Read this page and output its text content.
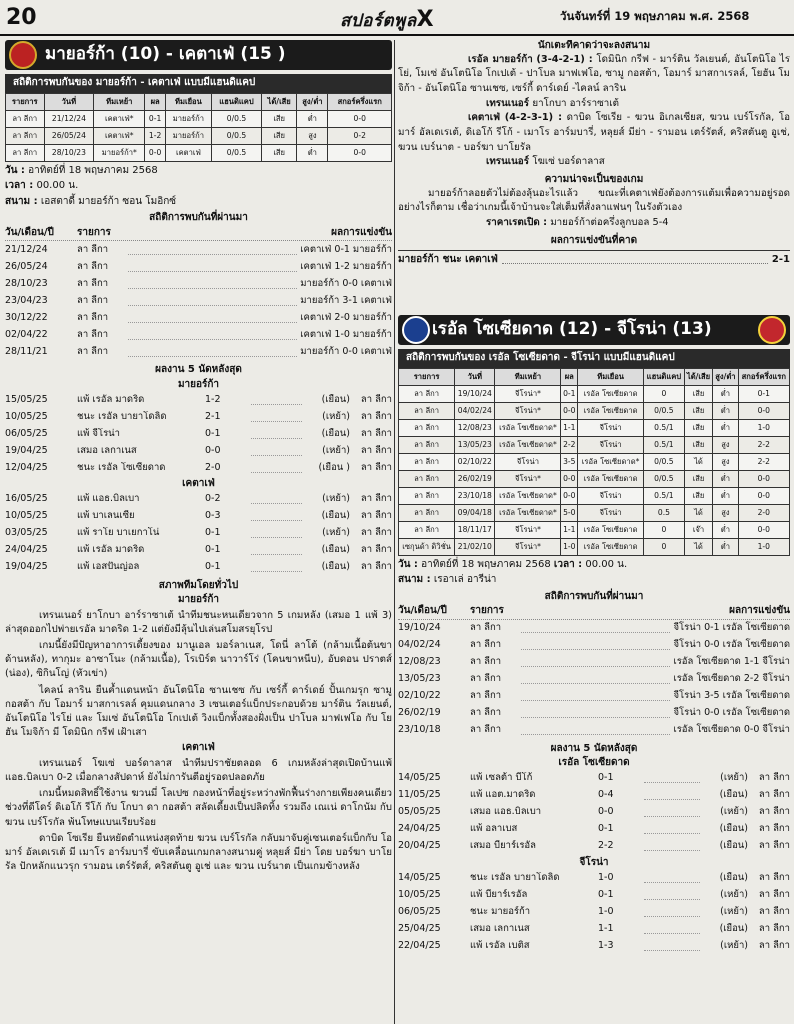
20	สปอร์ตพูลX	วันจันทร์ที่ 19 พฤษภาคม พ.ศ. 2568
มายอร์ก้า (10) - เคตาเฟ่ (15 )
สถิติการพบกันของ มายอร์ก้า - เคตาเฟ่ แบบมีแฮนดิแคป
รายการ	วันที่	ทีมเหย้า	ผล	ทีมเยือน	แฮนดิแคป	ได้/เสีย	สูง/ต่ำ	สกอร์ครึ่งแรก
ลา ลีกา	21/12/24	เคตาเฟ่*	0-1	มายอร์ก้า	0/0.5	เสีย	ต่ำ	0-0
ลา ลีกา	26/05/24	เคตาเฟ่*	1-2	มายอร์ก้า	0/0.5	เสีย	สูง	0-2
ลา ลีกา	28/10/23	มายอร์ก้า*	0-0	เคตาเฟ่	0/0.5	เสีย	ต่ำ	0-0
วัน : อาทิตย์ที่ 18 พฤษภาคม 2568
เวลา : 00.00 น.
สนาม : เอสตาดี้ มายอร์ก้า ซอน โมอิกซ์
สถิติการพบกันที่ผ่านมา
วัน/เดือน/ปี	รายการ	ผลการแข่งขัน
21/12/24	ลา ลีกา	เคตาเฟ่ 0-1 มายอร์ก้า
26/05/24	ลา ลีกา	เคตาเฟ่ 1-2 มายอร์ก้า
28/10/23	ลา ลีกา	มายอร์ก้า 0-0 เคตาเฟ่
23/04/23	ลา ลีกา	มายอร์ก้า 3-1 เคตาเฟ่
30/12/22	ลา ลีกา	เคตาเฟ่ 2-0 มายอร์ก้า
02/04/22	ลา ลีกา	เคตาเฟ่ 1-0 มายอร์ก้า
28/11/21	ลา ลีกา	มายอร์ก้า 0-0 เคตาเฟ่
ผลงาน 5 นัดหลังสุด
มายอร์ก้า
15/05/25	แพ้ เรอัล มาดริด	1-2	(เยือน)	ลา ลีกา
10/05/25	ชนะ เรอัล บายาโดลิด	2-1	(เหย้า)	ลา ลีกา
06/05/25	แพ้ จีโรน่า	0-1	(เยือน)	ลา ลีกา
19/04/25	เสมอ เลกาเนส	0-0	(เหย้า)	ลา ลีกา
12/04/25	ชนะ เรอัล โซเซียดาด	2-0	(เยือน )	ลา ลีกา
เคตาเฟ่
16/05/25	แพ้ แอธ.บิลเบา	0-2	(เหย้า)	ลา ลีกา
10/05/25	แพ้ บาเลนเซีย	0-3	(เยือน)	ลา ลีกา
03/05/25	แพ้ ราโย บาเยกาโน่	0-1	(เหย้า)	ลา ลีกา
24/04/25	แพ้ เรอัล มาดริด	0-1	(เยือน)	ลา ลีกา
19/04/25	แพ้ เอสปันญ่อล	0-1	(เยือน)	ลา ลีกา
สภาพทีมโดยทั่วไป
มายอร์ก้า

เทรนเนอร์ ยาโกบา อาร์ราซาเต้ นำทีมชนะหนเดียวจาก 5 เกมหลัง (เสมอ 1 แพ้ 3) ล่าสุดออกไปพ่ายเรอัล มาดริด 1-2 แต่ยังมีลุ้นไปเล่นสโมสรยุโรป

เกมนี้ยังมีปัญหาอาการเดี้ยงของ มานูเอล มอร์ลาเนส, โดนี่ ลาโต้ (กล้ามเนื้อต้นขาด้านหลัง), ทากุมะ อาซาโนะ (กล้ามเนื้อ), โรเบิร์ต นาวาร์โร่ (โคนขาหนีบ), อับดอน ปราตส์ (น่อง), ซิกินโญ่ (หัวเข่า)

ไคลน์ ลาริน ยืนค้ำแดนหน้า อันโตนิโอ ซานเชซ กับ เซร์กี้ ดาร์เดย์ ปั้นเกมรุก ซามู กอสต้า กับ โอมาร์ มาสกาเรลล์ คุมแดนกลาง 3 เซนเตอร์แบ็กประกอบด้วย มาร์ติน วัลเยนต์, อันโตนิโอ ไรโย่ และ โมเซ่ อันโตนิโอ โกเปเต้ วิงแบ็กทั้งสองฝั่งเป็น ปาโบล มาฟเฟโอ กับ โยฮัน โมจิก้า มี โดมินิก กรีฟ เฝ้าเสา

เคตาเฟ่

เทรนเนอร์ โฆเซ่ บอร์ดาลาส นำทีมปราชัยตลอด 6 เกมหลังล่าสุดเปิดบ้านแพ้ แอธ.บิลเบา 0-2 เมื่อกลางสัปดาห์ ยังไม่การันตีอยู่รอดปลอดภัย

เกมนี้หมดสิทธิ์ใช้งาน ฆวนมี่ โลเปซ กองหน้าที่อยู่ระหว่างพักฟื้นร่างกายเพียงคนเดียว ช่วงที่ดีโดร์ ดิเอโก้ รีโก้ กับ โกบา ดา กอสต้า สลัดเดี้ยงเป็นปลิดทิ้ง รวมถึง เณเน่ ดาโกนัม กับ ฆวน เบร์โรกัล พ้นโทษแบนเรียบร้อย

ดาบิด โซเรีย ยืนหยัดตำแหน่งสุดท้าย ฆวน เบร์โรกัล กลับมาจับคู่เซนเตอร์แบ็กกับ โอมาร์ อัลเดเรเต้ มี เมาโร อาร์มบารี่ ขับเคลื่อนเกมกลางสนามคู่ หลุยส์ มีย่า โดย บอร์ฆา บาโยรัล ปักหลักแนวรุก รามอน เตร์รัตส์, คริสตันตู อูเช่ และ ฆวน เบร์นาต เป็นเกมข้างหลัง

นักเตะที่คาดว่าจะลงสนาม

เรอัล มายอร์ก้า (3-4-2-1) : โดมินิก กรีฟ - มาร์ติน วัลเยนต์, อันโตนิโอ ไรโย่, โมเซ่ อันโตนิโอ โกเปเต้ - ปาโบล มาฟเฟโอ, ซามู กอสต้า, โอมาร์ มาสกาเรลล์, โยฮัน โมจิก้า - อันโตนิโอ ซานเชซ, เซร์กี้ ดาร์เดย์ -ไคลน์ ลาริน

เทรนเนอร์ ยาโกบา อาร์ราซาเต้

เคตาเฟ่ (4-2-3-1) : ดาบิด โซเรีย - ฆวน อิเกลเซียส, ฆวน เบร์โรกัล, โอมาร์ อัลเดเรเต้, ดิเอโก้ รีโก้ - เมาโร อาร์มบารี่, หลุยส์ มีย่า - รามอน เตร์รัตส์, คริสตันตู อูเช่, ฆวน เบร์นาต - บอร์ฆา บาโยรัล

เทรนเนอร์ โฆเซ่ บอร์ดาลาส

ความน่าจะเป็นของเกม

มายอร์ก้าลอยตัวไม่ต้องลุ้นอะไรแล้ว ขณะที่เคตาเฟ่ยังต้องการแต้มเพื่อความอยู่รอด อย่างไรก็ตาม เชื่อว่าเกมนี้เจ้าบ้านจะใส่เต็มที่สั่งลาแฟนๆ ในรังตัวเอง

ราคาเรตเปิด : มายอร์ก้าต่อครึ่งลูกบอล 5-4

ผลการแข่งขันที่คาด
มายอร์ก้า ชนะ เคตาเฟ่	2-1
เรอัล โซเซียดาด (12) - จีโรน่า (13)
สถิติการพบกันของ เรอัล โซเซียดาด - จีโรน่า แบบมีแฮนดิแคป
รายการ	วันที่	ทีมเหย้า	ผล	ทีมเยือน	แฮนดิแคป	ได้/เสีย	สูง/ต่ำ	สกอร์ครึ่งแรก
ลา ลีกา	19/10/24	จีโรน่า*	0-1	เรอัล โซเซียดาด	0	เสีย	ต่ำ	0-1
ลา ลีกา	04/02/24	จีโรน่า*	0-0	เรอัล โซเซียดาด	0/0.5	เสีย	ต่ำ	0-0
ลา ลีกา	12/08/23	เรอัล โซเซียดาด*	1-1	จีโรน่า	0.5/1	เสีย	ต่ำ	1-0
ลา ลีกา	13/05/23	เรอัล โซเซียดาด*	2-2	จีโรน่า	0.5/1	เสีย	สูง	2-2
ลา ลีกา	02/10/22	จีโรน่า	3-5	เรอัล โซเซียดาด*	0/0.5	ได้	สูง	2-2
ลา ลีกา	26/02/19	จีโรน่า*	0-0	เรอัล โซเซียดาด	0/0.5	เสีย	ต่ำ	0-0
ลา ลีกา	23/10/18	เรอัล โซเซียดาด*	0-0	จีโรน่า	0.5/1	เสีย	ต่ำ	0-0
ลา ลีกา	09/04/18	เรอัล โซเซียดาด*	5-0	จีโรน่า	0.5	ได้	สูง	2-0
ลา ลีกา	18/11/17	จีโรน่า*	1-1	เรอัล โซเซียดาด	0	เจ๊า	ต่ำ	0-0
เซกุนด้า ดิวิชั่น	21/02/10	จีโรน่า*	1-0	เรอัล โซเซียดาด	0	ได้	ต่ำ	1-0
วัน : อาทิตย์ที่ 18 พฤษภาคม 2568 เวลา : 00.00 น.
สนาม : เรอาเล่ อารีน่า
สถิติการพบกันที่ผ่านมา
วัน/เดือน/ปี	รายการ	ผลการแข่งขัน
19/10/24	ลา ลีกา	จีโรน่า 0-1 เรอัล โซเซียดาด
04/02/24	ลา ลีกา	จีโรน่า 0-0 เรอัล โซเซียดาด
12/08/23	ลา ลีกา	เรอัล โซเซียดาด 1-1 จีโรน่า
13/05/23	ลา ลีกา	เรอัล โซเซียดาด 2-2 จีโรน่า
02/10/22	ลา ลีกา	จีโรน่า 3-5 เรอัล โซเซียดาด
26/02/19	ลา ลีกา	จีโรน่า 0-0 เรอัล โซเซียดาด
23/10/18	ลา ลีกา	เรอัล โซเซียดาด 0-0 จีโรน่า
ผลงาน 5 นัดหลังสุด
เรอัล โซเซียดาด
14/05/25	แพ้ เซลต้า บีโก้	0-1	(เหย้า)	ลา ลีกา
11/05/25	แพ้ แอต.มาดริด	0-4	(เยือน)	ลา ลีกา
05/05/25	เสมอ แอธ.บิลเบา	0-0	(เหย้า)	ลา ลีกา
24/04/25	แพ้ อลาเบส	0-1	(เยือน)	ลา ลีกา
20/04/25	เสมอ บียาร์เรอัล	2-2	(เยือน)	ลา ลีกา
จีโรน่า
14/05/25	ชนะ เรอัล บายาโดลิด	1-0	(เยือน)	ลา ลีกา
10/05/25	แพ้ บียาร์เรอัล	0-1	(เหย้า)	ลา ลีกา
06/05/25	ชนะ มายอร์ก้า	1-0	(เหย้า)	ลา ลีกา
25/04/25	เสมอ เลกาเนส	1-1	(เยือน)	ลา ลีกา
22/04/25	แพ้ เรอัล เบติส	1-3	(เหย้า)	ลา ลีกา
